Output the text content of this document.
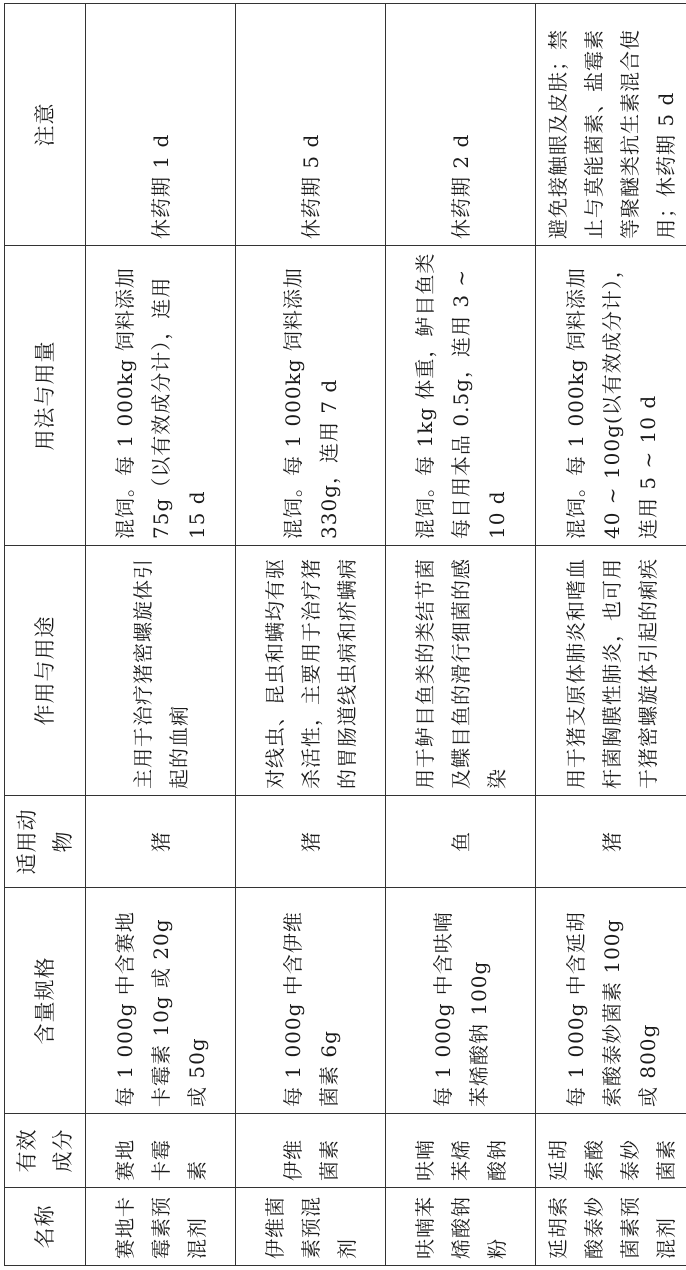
名称	有效成分	含量规格	适用动物	作用与用途	用法与用量	注意
赛地卡霉素预混剂	赛地卡霉素	每 1 000g 中含赛地卡霉素 10g 或 20g 或 50g	猪	主用于治疗猪密螺旋体引起的血痢	混饲。每 1 000kg 饲料添加 75g（以有效成分计），连用 15 d	休药期 1 d
伊维菌素预混剂	伊维菌素	每 1 000g 中含伊维菌素 6g	猪	对线虫、昆虫和螨均有驱杀活性，主要用于治疗猪的胃肠道线虫病和疥螨病	混饲。每 1 000kg 饲料添加 330g，连用 7 d	休药期 5 d
呋喃苯烯酸钠粉	呋喃苯烯酸钠	每 1 000g 中含呋喃苯烯酸钠 100g	鱼	用于鲈目鱼类的类结节菌及鲽目鱼的滑行细菌的感染	混饲。每 1kg 体重，鲈目鱼类每日用本品 0.5g，连用 3 ~ 10 d	休药期 2 d
延胡索酸泰妙菌素预混剂	延胡索酸泰妙菌素	每 1 000g 中含延胡索酸泰妙菌素 100g 或 800g	猪	用于猪支原体肺炎和嗜血杆菌胸膜性肺炎，也可用于猪密螺旋体引起的痢疾	混饲。每 1 000kg 饲料添加 40 ~ 100g(以有效成分计），连用 5 ~ 10 d	避免接触眼及皮肤；禁止与莫能菌素、盐霉素等聚醚类抗生素混合使用；休药期 5 d
